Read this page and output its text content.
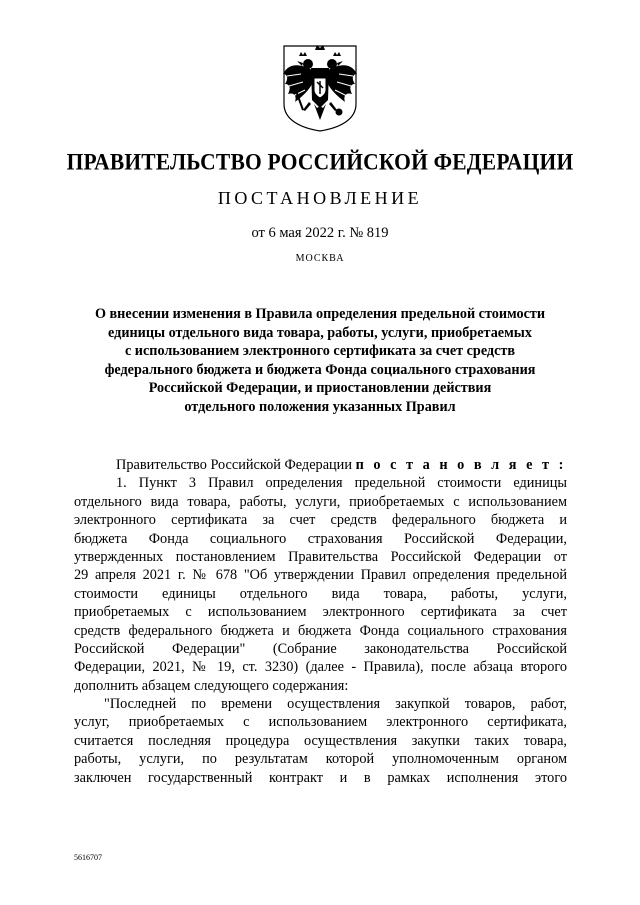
ПРАВИТЕЛЬСТВО РОССИЙСКОЙ ФЕДЕРАЦИИ
ПОСТАНОВЛЕНИЕ
от 6 мая 2022 г. № 819
МОСКВА
О внесении изменения в Правила определения предельной стоимости
единицы отдельного вида товара, работы, услуги, приобретаемых
с использованием электронного сертификата за счет средств
федерального бюджета и бюджета Фонда социального страхования
Российской Федерации, и приостановлении действия
отдельного положения указанных Правил
Правительство Российской Федерации п о с т а н о в л я е т :
1. Пункт 3 Правил определения предельной стоимости единицы
отдельного вида товара, работы, услуги, приобретаемых с использованием
электронного сертификата за счет средств федерального бюджета и
бюджета Фонда социального страхования Российской Федерации,
утвержденных постановлением Правительства Российской Федерации от
29 апреля 2021 г. № 678 "Об утверждении Правил определения предельной
стоимости единицы отдельного вида товара, работы, услуги,
приобретаемых с использованием электронного сертификата за счет
средств федерального бюджета и бюджета Фонда социального страхования
Российской Федерации" (Собрание законодательства Российской
Федерации, 2021, № 19, ст. 3230) (далее - Правила), после абзаца второго
дополнить абзацем следующего содержания:
"Последней по времени осуществления закупкой товаров, работ,
услуг, приобретаемых с использованием электронного сертификата,
считается последняя процедура осуществления закупки таких товара,
работы, услуги, по результатам которой уполномоченным органом
заключен государственный контракт и в рамках исполнения этого
5616707
